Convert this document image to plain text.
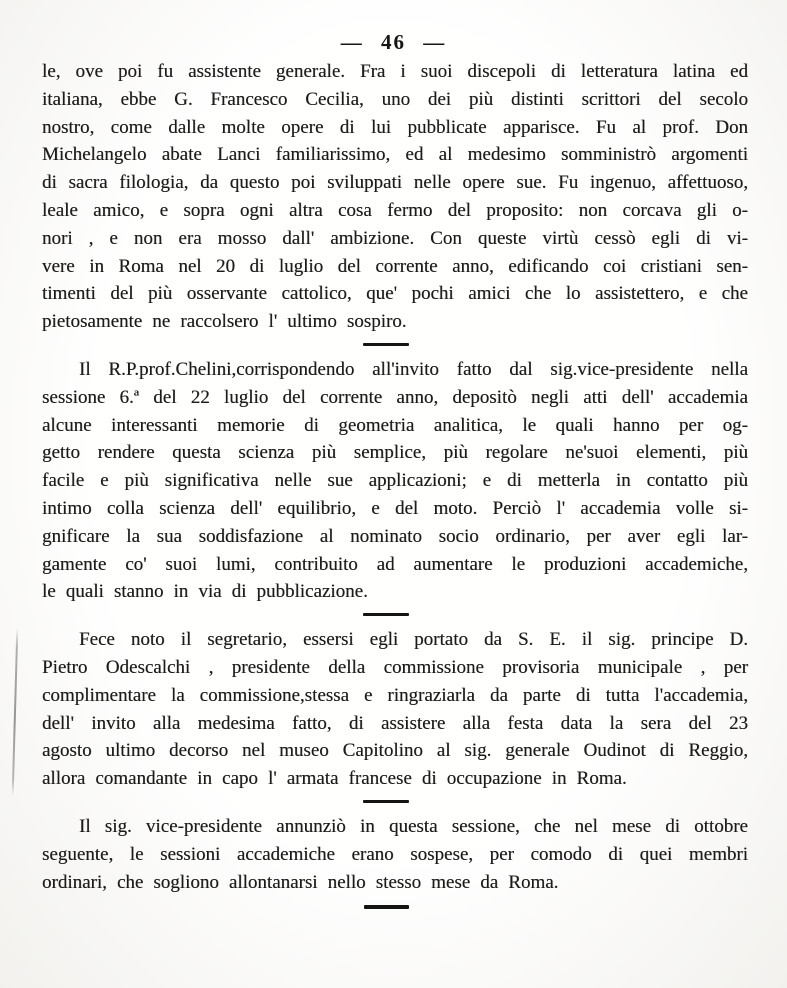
— 46 —
le, ove poi fu assistente generale. Fra i suoi discepoli di letteratura latina ed
italiana, ebbe G. Francesco Cecilia, uno dei più distinti scrittori del secolo
nostro, come dalle molte opere di lui pubblicate apparisce. Fu al prof. Don
Michelangelo abate Lanci familiarissimo, ed al medesimo somministrò argomenti
di sacra filologia, da questo poi sviluppati nelle opere sue. Fu ingenuo, affettuoso,
leale amico, e sopra ogni altra cosa fermo del proposito: non corcava gli o-
nori , e non era mosso dall' ambizione. Con queste virtù cessò egli di vi-
vere in Roma nel 20 di luglio del corrente anno, edificando coi cristiani sen-
timenti del più osservante cattolico, que' pochi amici che lo assistettero, e che
pietosamente ne raccolsero l' ultimo sospiro.
Il R.P.prof.Chelini,corrispondendo all'invito fatto dal sig.vice-presidente nella
sessione 6.ª del 22 luglio del corrente anno, depositò negli atti dell' accademia
alcune interessanti memorie di geometria analitica, le quali hanno per og-
getto rendere questa scienza più semplice, più regolare ne'suoi elementi, più
facile e più significativa nelle sue applicazioni; e di metterla in contatto più
intimo colla scienza dell' equilibrio, e del moto. Perciò l' accademia volle si-
gnificare la sua soddisfazione al nominato socio ordinario, per aver egli lar-
gamente co' suoi lumi, contribuito ad aumentare le produzioni accademiche,
le quali stanno in via di pubblicazione.
Fece noto il segretario, essersi egli portato da S. E. il sig. principe D.
Pietro Odescalchi , presidente della commissione provisoria municipale , per
complimentare la commissione,stessa e ringraziarla da parte di tutta l'accademia,
dell' invito alla medesima fatto, di assistere alla festa data la sera del 23
agosto ultimo decorso nel museo Capitolino al sig. generale Oudinot di Reggio,
allora comandante in capo l' armata francese di occupazione in Roma.
Il sig. vice-presidente annunziò in questa sessione, che nel mese di ottobre
seguente, le sessioni accademiche erano sospese, per comodo di quei membri
ordinari, che sogliono allontanarsi nello stesso mese da Roma.
